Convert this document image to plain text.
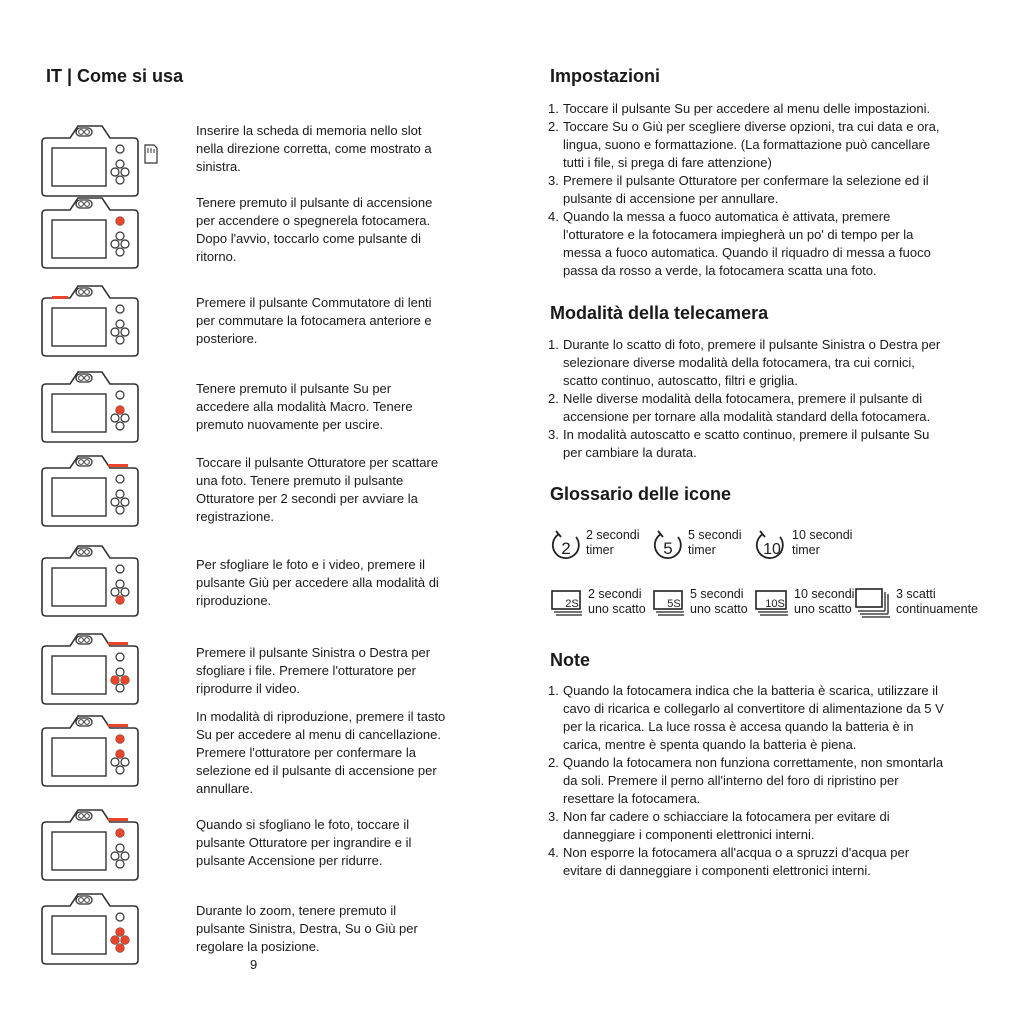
IT | Come si usa
Inserire la scheda di memoria nello slot nella direzione corretta, come mostrato a sinistra.
Tenere premuto il pulsante di accensione per accendere o spegnerela fotocamera. Dopo l'avvio, toccarlo come pulsante di ritorno.
Premere il pulsante Commutatore di lenti per commutare la fotocamera anteriore e posteriore.
Tenere premuto il pulsante Su per accedere alla modalità Macro. Tenere premuto nuovamente per uscire.
Toccare il pulsante Otturatore per scattare una foto. Tenere premuto il pulsante Otturatore per 2 secondi per avviare la registrazione.
Per sfogliare le foto e i video, premere il pulsante Giù per accedere alla modalità di riproduzione.
Premere il pulsante Sinistra o Destra per sfogliare i file. Premere l'otturatore per riprodurre il video.
In modalità di riproduzione, premere il tasto Su per accedere al menu di cancellazione. Premere l'otturatore per confermare la selezione ed il pulsante di accensione per annullare.
Quando si sfogliano le foto, toccare il pulsante Otturatore per ingrandire e il pulsante Accensione per ridurre.
Durante lo zoom, tenere premuto il pulsante Sinistra, Destra, Su o Giù per regolare la posizione.
9
Impostazioni
1. Toccare il pulsante Su per accedere al menu delle impostazioni.
2. Toccare Su o Giù per scegliere diverse opzioni, tra cui data e ora, lingua, suono e formattazione. (La formattazione può cancellare tutti i file, si prega di fare attenzione)
3. Premere il pulsante Otturatore per confermare la selezione ed il pulsante di accensione per annullare.
4. Quando la messa a fuoco automatica è attivata, premere l'otturatore e la fotocamera impiegherà un po' di tempo per la messa a fuoco automatica. Quando il riquadro di messa a fuoco passa da rosso a verde, la fotocamera scatta una foto.
Modalità della telecamera
1. Durante lo scatto di foto, premere il pulsante Sinistra o Destra per selezionare diverse modalità della fotocamera, tra cui cornici, scatto continuo, autoscatto, filtri e griglia.
2. Nelle diverse modalità della fotocamera, premere il pulsante di accensione per tornare alla modalità standard della fotocamera.
3. In modalità autoscatto e scatto continuo, premere il pulsante Su per cambiare la durata.
Glossario delle icone
2
2 secondi
timer	5
5 secondi
timer	10
10 secondi
timer
2S
2 secondi
uno scatto 5S
5 secondi
uno scatto 10S
10 secondi
uno scatto
3 scatti
continuamente
Note
1. Quando la fotocamera indica che la batteria è scarica, utilizzare il cavo di ricarica e collegarlo al convertitore di alimentazione da 5 V per la ricarica. La luce rossa è accesa quando la batteria è in carica, mentre è spenta quando la batteria è piena.
2. Quando la fotocamera non funziona correttamente, non smontarla da soli. Premere il perno all'interno del foro di ripristino per resettare la fotocamera.
3. Non far cadere o schiacciare la fotocamera per evitare di danneggiare i componenti elettronici interni.
4. Non esporre la fotocamera all'acqua o a spruzzi d'acqua per evitare di danneggiare i componenti elettronici interni.
